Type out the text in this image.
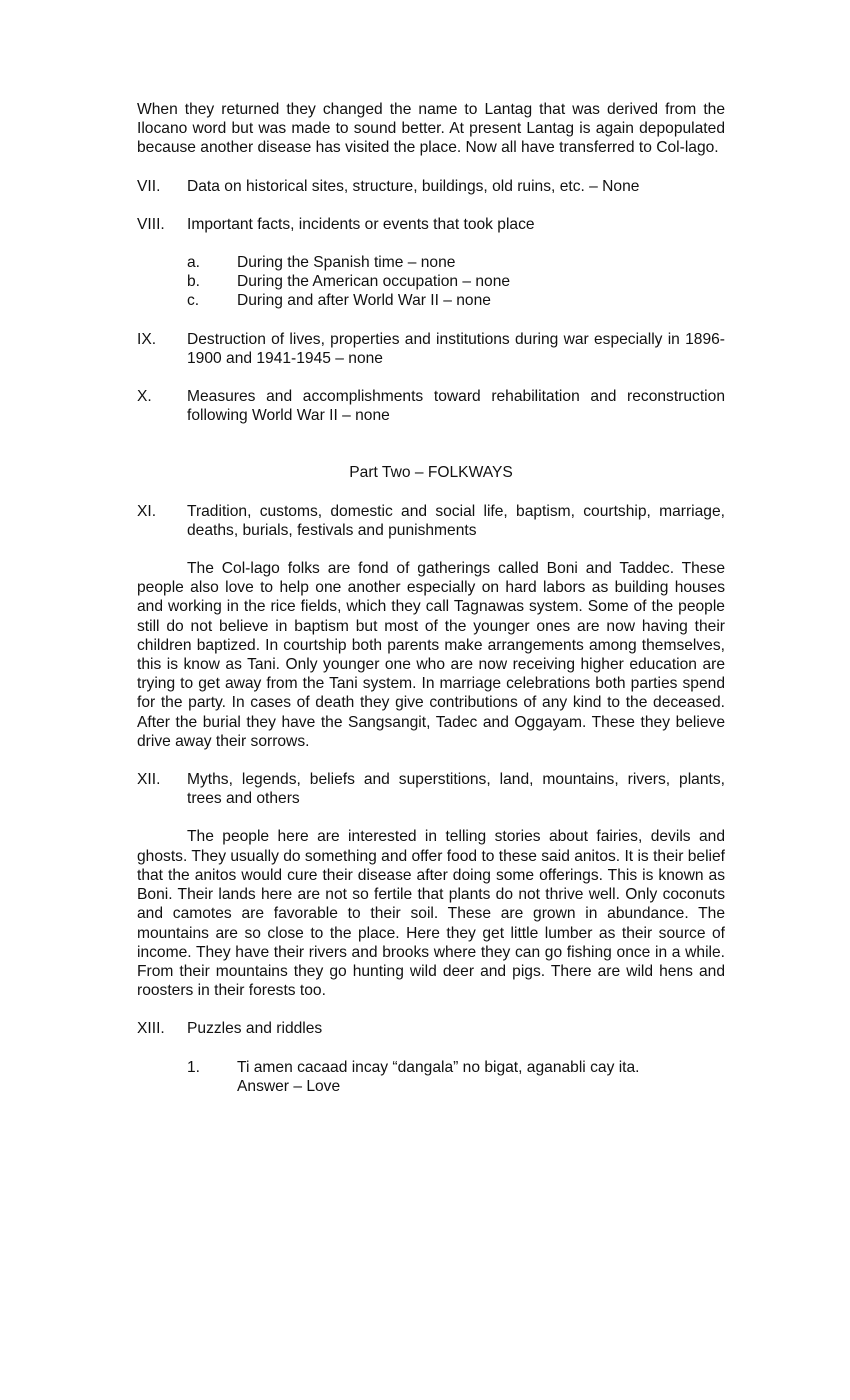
When they returned they changed the name to Lantag that was derived from the Ilocano word but was made to sound better. At present Lantag is again depopulated because another disease has visited the place. Now all have transferred to Col-lago.

VII.	Data on historical sites, structure, buildings, old ruins, etc. – None
VIII.	Important facts, incidents or events that took place
a.	During the Spanish time – none
b.	During the American occupation – none
c.	During and after World War II – none
IX.	Destruction of lives, properties and institutions during war especially in 1896-1900 and 1941-1945 – none
X.	Measures and accomplishments toward rehabilitation and reconstruction following World War II – none

Part Two – FOLKWAYS

XI.	Tradition, customs, domestic and social life, baptism, courtship, marriage, deaths, burials, festivals and punishments

The Col-lago folks are fond of gatherings called Boni and Taddec. These people also love to help one another especially on hard labors as building houses and working in the rice fields, which they call Tagnawas system. Some of the people still do not believe in baptism but most of the younger ones are now having their children baptized. In courtship both parents make arrangements among themselves, this is know as Tani. Only younger one who are now receiving higher education are trying to get away from the Tani system. In marriage celebrations both parties spend for the party. In cases of death they give contributions of any kind to the deceased. After the burial they have the Sangsangit, Tadec and Oggayam. These they believe drive away their sorrows.

XII.	Myths, legends, beliefs and superstitions, land, mountains, rivers, plants, trees and others

The people here are interested in telling stories about fairies, devils and ghosts. They usually do something and offer food to these said anitos. It is their belief that the anitos would cure their disease after doing some offerings. This is known as Boni. Their lands here are not so fertile that plants do not thrive well. Only coconuts and camotes are favorable to their soil. These are grown in abundance. The mountains are so close to the place. Here they get little lumber as their source of income. They have their rivers and brooks where they can go fishing once in a while. From their mountains they go hunting wild deer and pigs. There are wild hens and roosters in their forests too.

XIII.	Puzzles and riddles
1.	Ti amen cacaad incay “dangala” no bigat, aganabli cay ita.
Answer – Love
